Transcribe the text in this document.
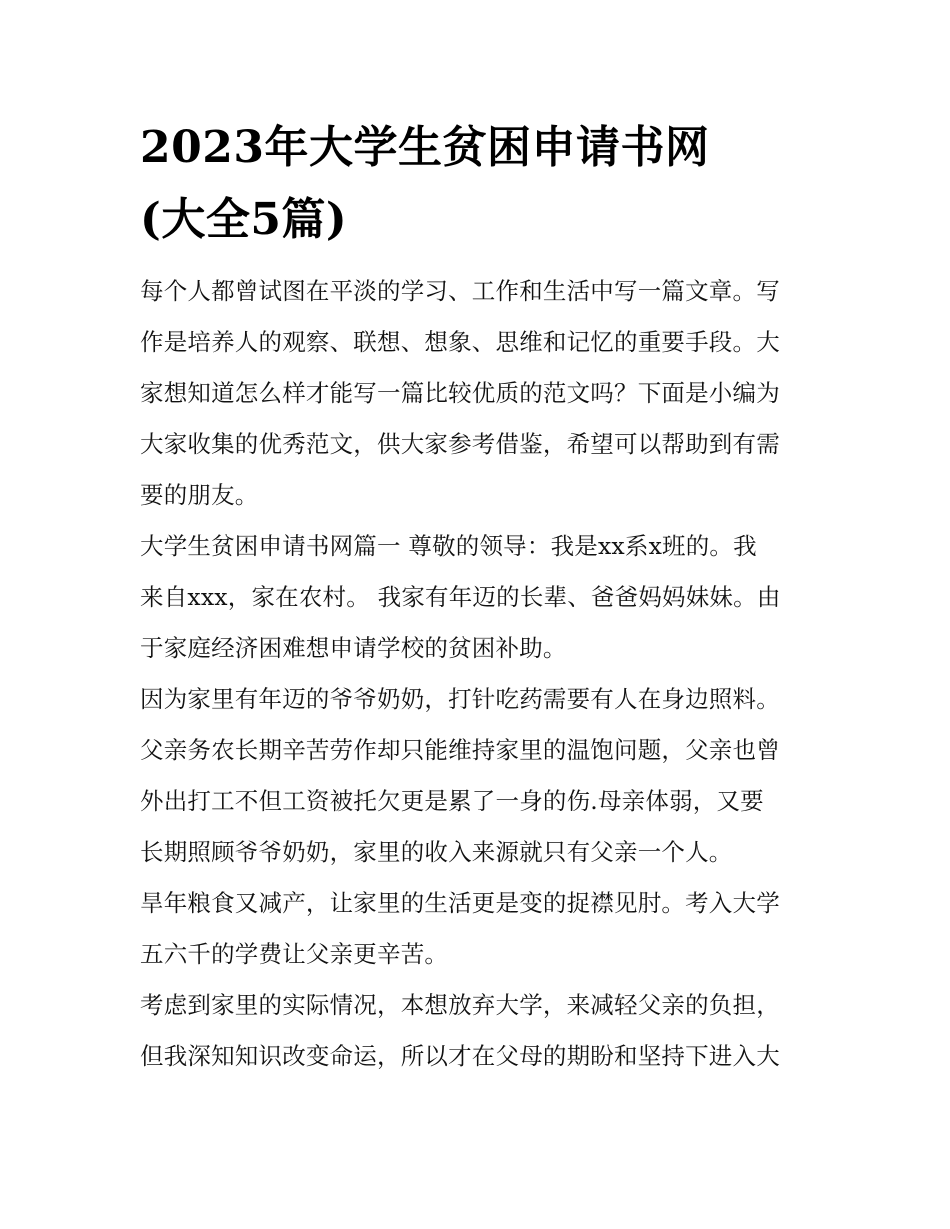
2023年大学生贫困申请书网
(大全5篇)
每个人都曾试图在平淡的学习、工作和生活中写一篇文章。写
作是培养人的观察、联想、想象、思维和记忆的重要手段。大
家想知道怎么样才能写一篇比较优质的范文吗？下面是小编为
大家收集的优秀范文，供大家参考借鉴，希望可以帮助到有需
要的朋友。
大学生贫困申请书网篇一 尊敬的领导：我是xx系x班的。我
来自xxx，家在农村。 我家有年迈的长辈、爸爸妈妈妹妹。由
于家庭经济困难想申请学校的贫困补助。
因为家里有年迈的爷爷奶奶，打针吃药需要有人在身边照料。
父亲务农长期辛苦劳作却只能维持家里的温饱问题，父亲也曾
外出打工不但工资被托欠更是累了一身的伤.母亲体弱，又要
长期照顾爷爷奶奶，家里的收入来源就只有父亲一个人。
旱年粮食又减产，让家里的生活更是变的捉襟见肘。考入大学
五六千的学费让父亲更辛苦。
考虑到家里的实际情况，本想放弃大学，来减轻父亲的负担，
但我深知知识改变命运，所以才在父母的期盼和坚持下进入大
